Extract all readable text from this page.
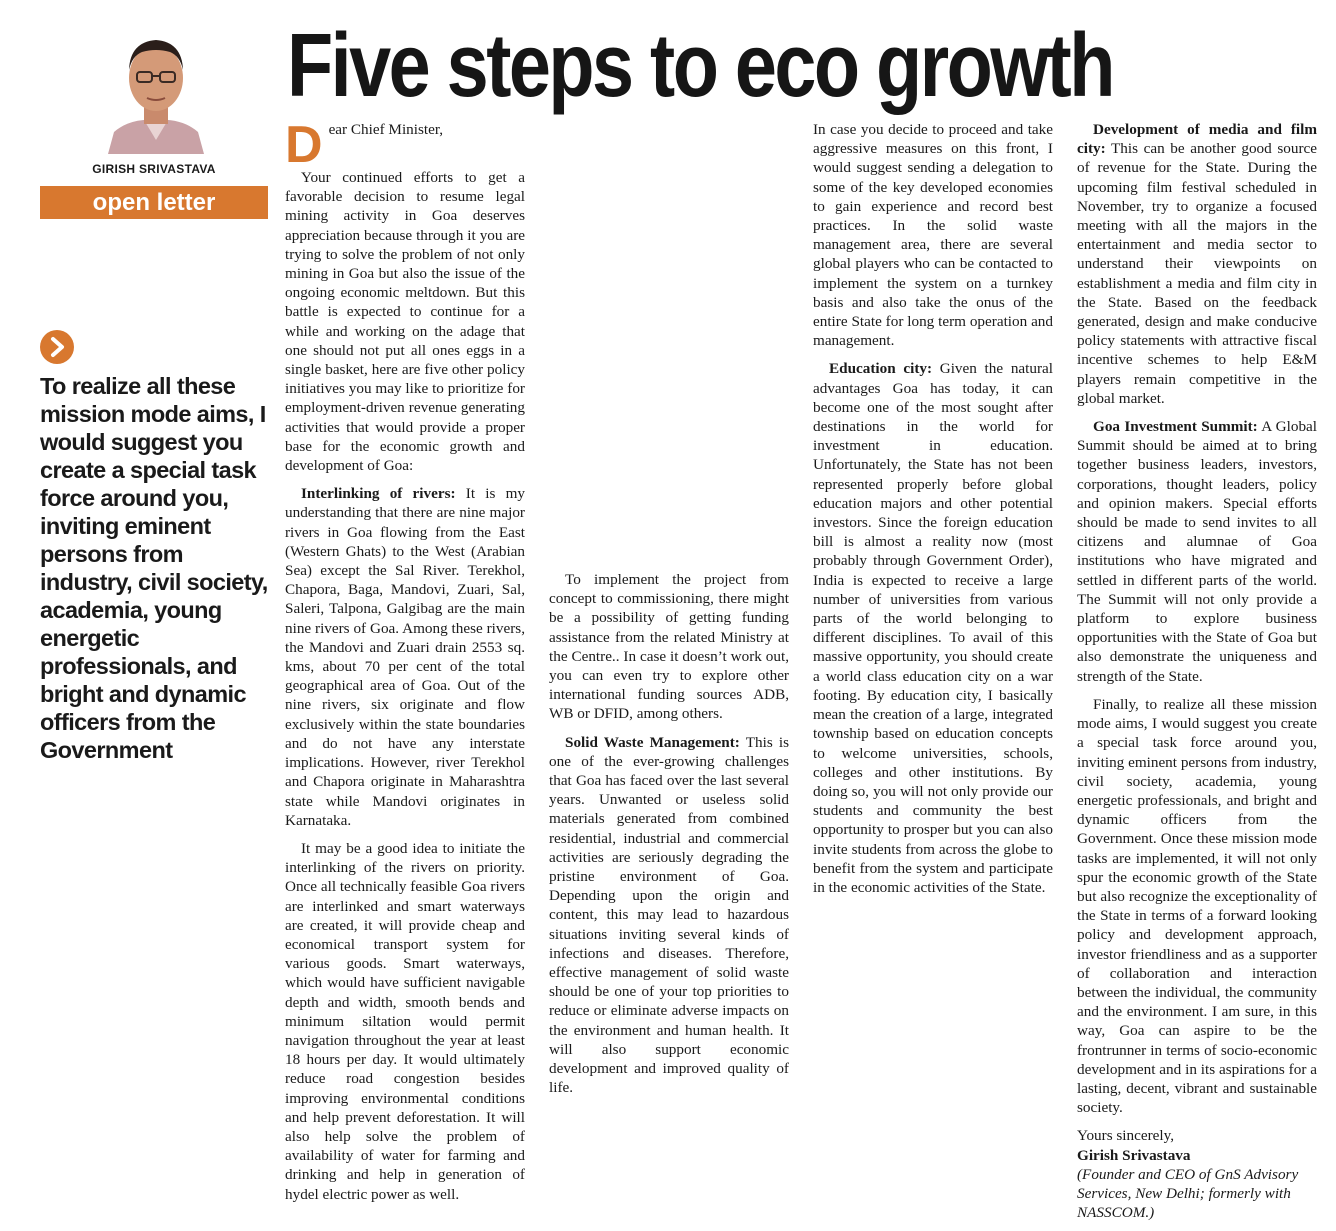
GIRISH SRIVASTAVA
open letter
Five steps to eco growth
To realize all these mission mode aims, I would suggest you create a special task force around you, inviting eminent persons from industry, civil society, academia, young energetic professionals, and bright and dynamic officers from the Government

Dear Chief Minister,

Your continued efforts to get a favorable decision to resume legal mining activity in Goa deserves appreciation because through it you are trying to solve the problem of not only mining in Goa but also the issue of the ongoing economic meltdown. But this battle is expected to continue for a while and working on the adage that one should not put all ones eggs in a single basket, here are five other policy initiatives you may like to prioritize for employment-driven revenue generating activities that would provide a proper base for the economic growth and development of Goa:

Interlinking of rivers: It is my understanding that there are nine major rivers in Goa flowing from the East (Western Ghats) to the West (Arabian Sea) except the Sal River. Terekhol, Chapora, Baga, Mandovi, Zuari, Sal, Saleri, Talpona, Galgibag are the main nine rivers of Goa. Among these rivers, the Mandovi and Zuari drain 2553 sq. kms, about 70 per cent of the total geographical area of Goa. Out of the nine rivers, six originate and flow exclusively within the state boundaries and do not have any interstate implications. However, river Terekhol and Chapora originate in Maharashtra state while Mandovi originates in Karnataka.

It may be a good idea to initiate the interlinking of the rivers on priority. Once all technically feasible Goa rivers are interlinked and smart waterways are created, it will provide cheap and economical transport system for various goods. Smart waterways, which would have sufficient navigable depth and width, smooth bends and minimum siltation would permit navigation throughout the year at least 18 hours per day. It would ultimately reduce road congestion besides improving environmental conditions and help prevent deforestation. It will also help solve the problem of availability of water for farming and drinking and help in generation of hydel electric power as well.

To implement the project from concept to commissioning, there might be a possibility of getting funding assistance from the related Ministry at the Centre.. In case it doesn’t work out, you can even try to explore other international funding sources ADB, WB or DFID, among others.

Solid Waste Management: This is one of the ever-growing challenges that Goa has faced over the last several years. Unwanted or useless solid materials generated from combined residential, industrial and commercial activities are seriously degrading the pristine environment of Goa. Depending upon the origin and content, this may lead to hazardous situations inviting several kinds of infections and diseases. Therefore, effective management of solid waste should be one of your top priorities to reduce or eliminate adverse impacts on the environment and human health. It will also support economic development and improved quality of life.

In case you decide to proceed and take aggressive measures on this front, I would suggest sending a delegation to some of the key developed economies to gain experience and record best practices. In the solid waste management area, there are several global players who can be contacted to implement the system on a turnkey basis and also take the onus of the entire State for long term operation and management.

Education city: Given the natural advantages Goa has today, it can become one of the most sought after destinations in the world for investment in education. Unfortunately, the State has not been represented properly before global education majors and other potential investors. Since the foreign education bill is almost a reality now (most probably through Government Order), India is expected to receive a large number of universities from various parts of the world belonging to different disciplines. To avail of this massive opportunity, you should create a world class education city on a war footing. By education city, I basically mean the creation of a large, integrated township based on education concepts to welcome universities, schools, colleges and other institutions. By doing so, you will not only provide our students and community the best opportunity to prosper but you can also invite students from across the globe to benefit from the system and participate in the economic activities of the State.

Development of media and film city: This can be another good source of revenue for the State. During the upcoming film festival scheduled in November, try to organize a focused meeting with all the majors in the entertainment and media sector to understand their viewpoints on establishment a media and film city in the State. Based on the feedback generated, design and make conducive policy statements with attractive fiscal incentive schemes to help E&M players remain competitive in the global market.

Goa Investment Summit: A Global Summit should be aimed at to bring together business leaders, investors, corporations, thought leaders, policy and opinion makers. Special efforts should be made to send invites to all citizens and alumnae of Goa institutions who have migrated and settled in different parts of the world. The Summit will not only provide a platform to explore business opportunities with the State of Goa but also demonstrate the uniqueness and strength of the State.

Finally, to realize all these mission mode aims, I would suggest you create a special task force around you, inviting eminent persons from industry, civil society, academia, young energetic professionals, and bright and dynamic officers from the Government. Once these mission mode tasks are implemented, it will not only spur the economic growth of the State but also recognize the exceptionality of the State in terms of a forward looking policy and development approach, investor friendliness and as a supporter of collaboration and interaction between the individual, the community and the environment. I am sure, in this way, Goa can aspire to be the frontrunner in terms of socio-economic development and in its aspirations for a lasting, decent, vibrant and sustainable society.

Yours sincerely,
Girish Srivastava
(Founder and CEO of GnS Advisory Services, New Delhi; formerly with NASSCOM.)
